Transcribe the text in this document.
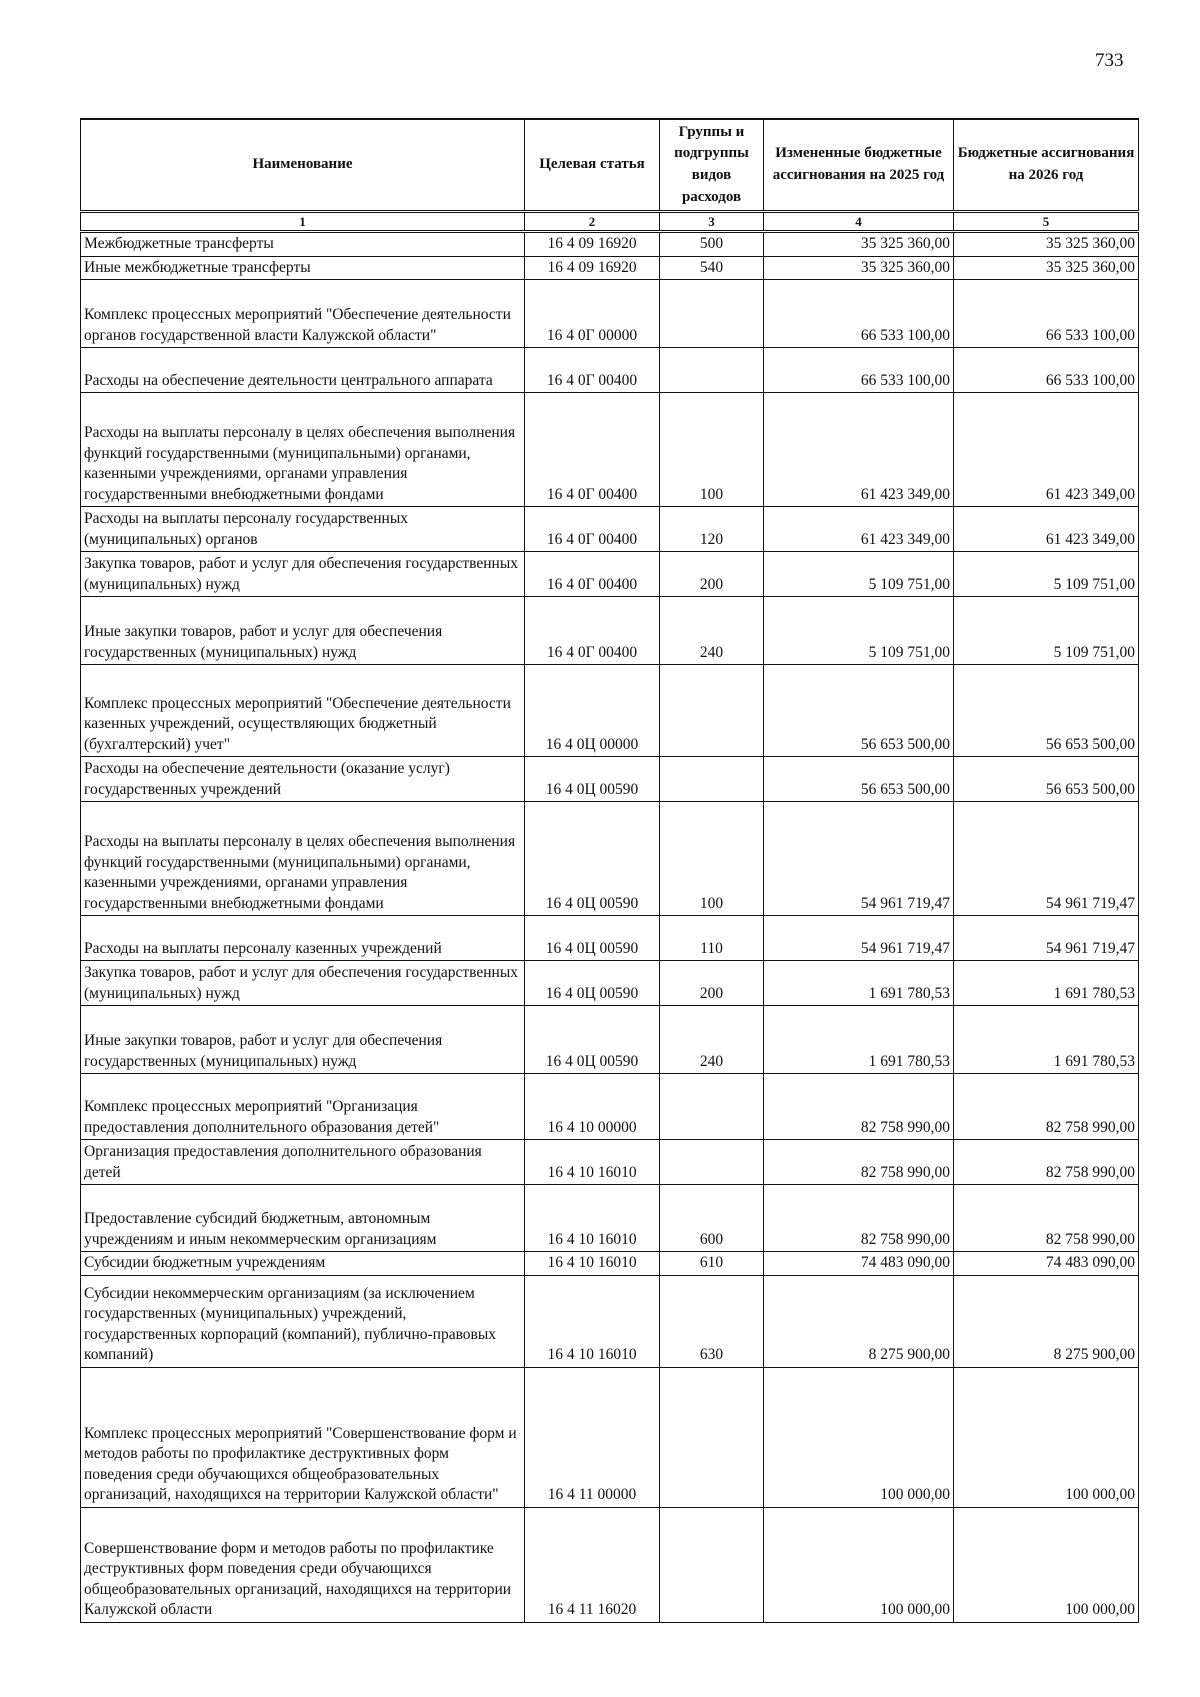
733
Наименование	Целевая статья	Группы и подгруппы видов расходов	Измененные бюджетные ассигнования на 2025 год	Бюджетные ассигнования на 2026 год
1	2	3	4	5
Межбюджетные трансферты	16 4 09 16920	500	35 325 360,00	35 325 360,00
Иные межбюджетные трансферты	16 4 09 16920	540	35 325 360,00	35 325 360,00
Комплекс процессных мероприятий "Обеспечение деятельности органов государственной власти Калужской области"	16 4 0Г 00000		66 533 100,00	66 533 100,00
Расходы на обеспечение деятельности центрального аппарата	16 4 0Г 00400		66 533 100,00	66 533 100,00
Расходы на выплаты персоналу в целях обеспечения выполнения функций государственными (муниципальными) органами, казенными учреждениями, органами управления государственными внебюджетными фондами	16 4 0Г 00400	100	61 423 349,00	61 423 349,00
Расходы на выплаты персоналу государственных (муниципальных) органов	16 4 0Г 00400	120	61 423 349,00	61 423 349,00
Закупка товаров, работ и услуг для обеспечения государственных (муниципальных) нужд	16 4 0Г 00400	200	5 109 751,00	5 109 751,00
Иные закупки товаров, работ и услуг для обеспечения государственных (муниципальных) нужд	16 4 0Г 00400	240	5 109 751,00	5 109 751,00
Комплекс процессных мероприятий "Обеспечение деятельности казенных учреждений, осуществляющих бюджетный (бухгалтерский) учет"	16 4 0Ц 00000		56 653 500,00	56 653 500,00
Расходы на обеспечение деятельности (оказание услуг) государственных учреждений	16 4 0Ц 00590		56 653 500,00	56 653 500,00
Расходы на выплаты персоналу в целях обеспечения выполнения функций государственными (муниципальными) органами, казенными учреждениями, органами управления государственными внебюджетными фондами	16 4 0Ц 00590	100	54 961 719,47	54 961 719,47
Расходы на выплаты персоналу казенных учреждений	16 4 0Ц 00590	110	54 961 719,47	54 961 719,47
Закупка товаров, работ и услуг для обеспечения государственных (муниципальных) нужд	16 4 0Ц 00590	200	1 691 780,53	1 691 780,53
Иные закупки товаров, работ и услуг для обеспечения государственных (муниципальных) нужд	16 4 0Ц 00590	240	1 691 780,53	1 691 780,53
Комплекс процессных мероприятий "Организация предоставления дополнительного образования детей"	16 4 10 00000		82 758 990,00	82 758 990,00
Организация предоставления дополнительного образования детей	16 4 10 16010		82 758 990,00	82 758 990,00
Предоставление субсидий бюджетным, автономным учреждениям и иным некоммерческим организациям	16 4 10 16010	600	82 758 990,00	82 758 990,00
Субсидии бюджетным учреждениям	16 4 10 16010	610	74 483 090,00	74 483 090,00
Субсидии некоммерческим организациям (за исключением государственных (муниципальных) учреждений, государственных корпораций (компаний), публично-правовых компаний)	16 4 10 16010	630	8 275 900,00	8 275 900,00
Комплекс процессных мероприятий "Совершенствование форм и методов работы по профилактике деструктивных форм поведения среди обучающихся общеобразовательных организаций, находящихся на территории Калужской области"	16 4 11 00000		100 000,00	100 000,00
Совершенствование форм и методов работы по профилактике деструктивных форм поведения среди обучающихся общеобразовательных организаций, находящихся на территории Калужской области	16 4 11 16020		100 000,00	100 000,00
